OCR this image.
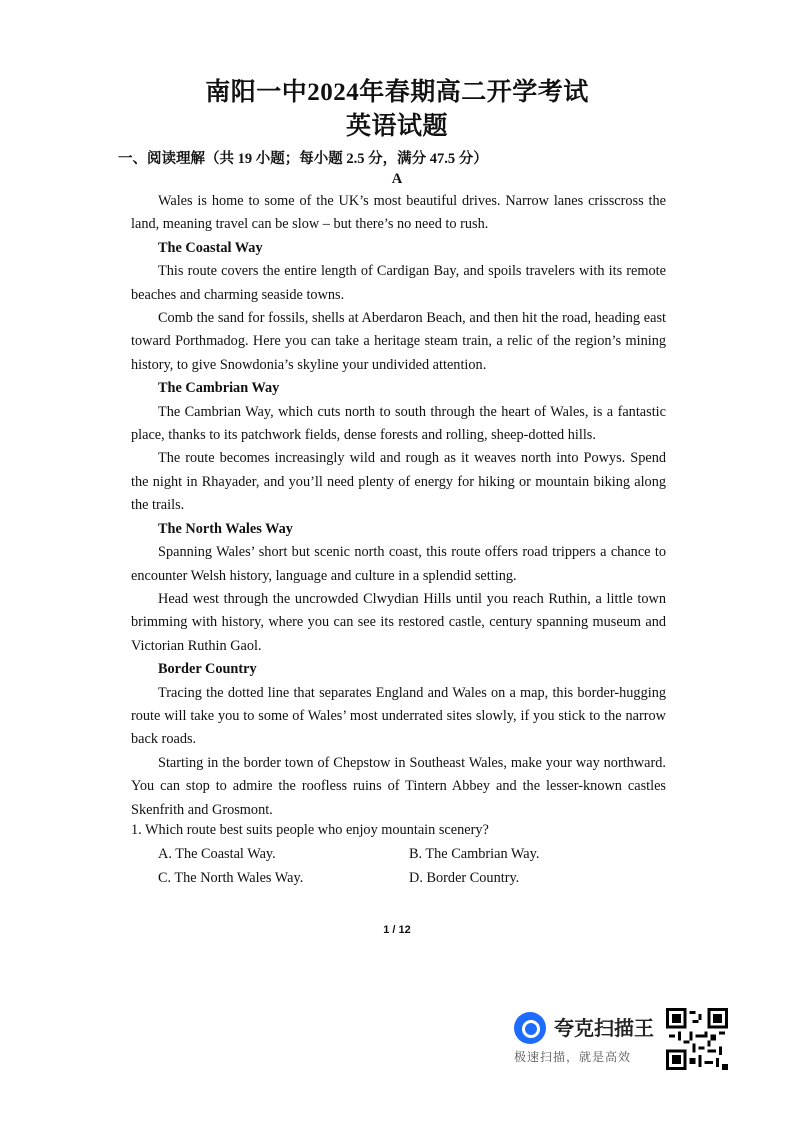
南阳一中2024年春期高二开学考试
英语试题
一、阅读理解（共 19 小题；每小题 2.5 分，满分 47.5 分）
A

Wales is home to some of the UK’s most beautiful drives. Narrow lanes crisscross the land, meaning travel can be slow – but there’s no need to rush.

The Coastal Way

This route covers the entire length of Cardigan Bay, and spoils travelers with its remote beaches and charming seaside towns.

Comb the sand for fossils, shells at Aberdaron Beach, and then hit the road, heading east toward Porthmadog. Here you can take a heritage steam train, a relic of the region’s mining history, to give Snowdonia’s skyline your undivided attention.

The Cambrian Way

The Cambrian Way, which cuts north to south through the heart of Wales, is a fantastic place, thanks to its patchwork fields, dense forests and rolling, sheep-dotted hills.

The route becomes increasingly wild and rough as it weaves north into Powys. Spend the night in Rhayader, and you’ll need plenty of energy for hiking or mountain biking along the trails.

The North Wales Way

Spanning Wales’ short but scenic north coast, this route offers road trippers a chance to encounter Welsh history, language and culture in a splendid setting.

Head west through the uncrowded Clwydian Hills until you reach Ruthin, a little town brimming with history, where you can see its restored castle, century spanning museum and Victorian Ruthin Gaol.

Border Country

Tracing the dotted line that separates England and Wales on a map, this border-hugging route will take you to some of Wales’ most underrated sites slowly, if you stick to the narrow back roads.

Starting in the border town of Chepstow in Southeast Wales, make your way northward. You can stop to admire the roofless ruins of Tintern Abbey and the lesser-known castles Skenfrith and Grosmont.

1. Which route best suits people who enjoy mountain scenery?
A. The Coastal Way.	B. The Cambrian Way.
C. The North Wales Way.	D. Border Country.
1 / 12
夸克扫描王
极速扫描，就是高效
